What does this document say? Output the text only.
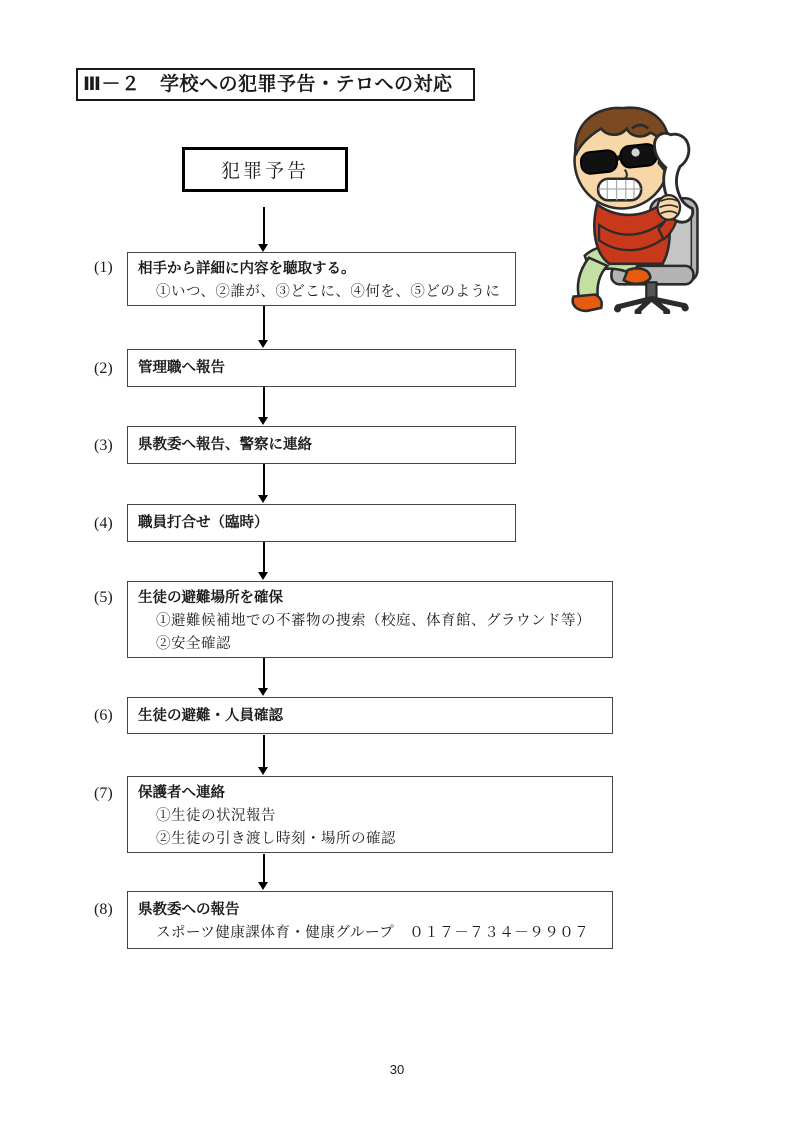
Ⅲ－２　学校への犯罪予告・テロへの対応
犯罪予告
(1)	相手から詳細に内容を聴取する。
①いつ、②誰が、③どこに、④何を、⑤どのように
(2)	管理職へ報告
(3)	県教委へ報告、警察に連絡
(4)	職員打合せ（臨時）
(5)	生徒の避難場所を確保
①避難候補地での不審物の捜索（校庭、体育館、グラウンド等）
②安全確認
(6)	生徒の避難・人員確認
(7)	保護者へ連絡
①生徒の状況報告
②生徒の引き渡し時刻・場所の確認
(8)	県教委への報告
スポーツ健康課体育・健康グループ　０１７－７３４－９９０７
30
